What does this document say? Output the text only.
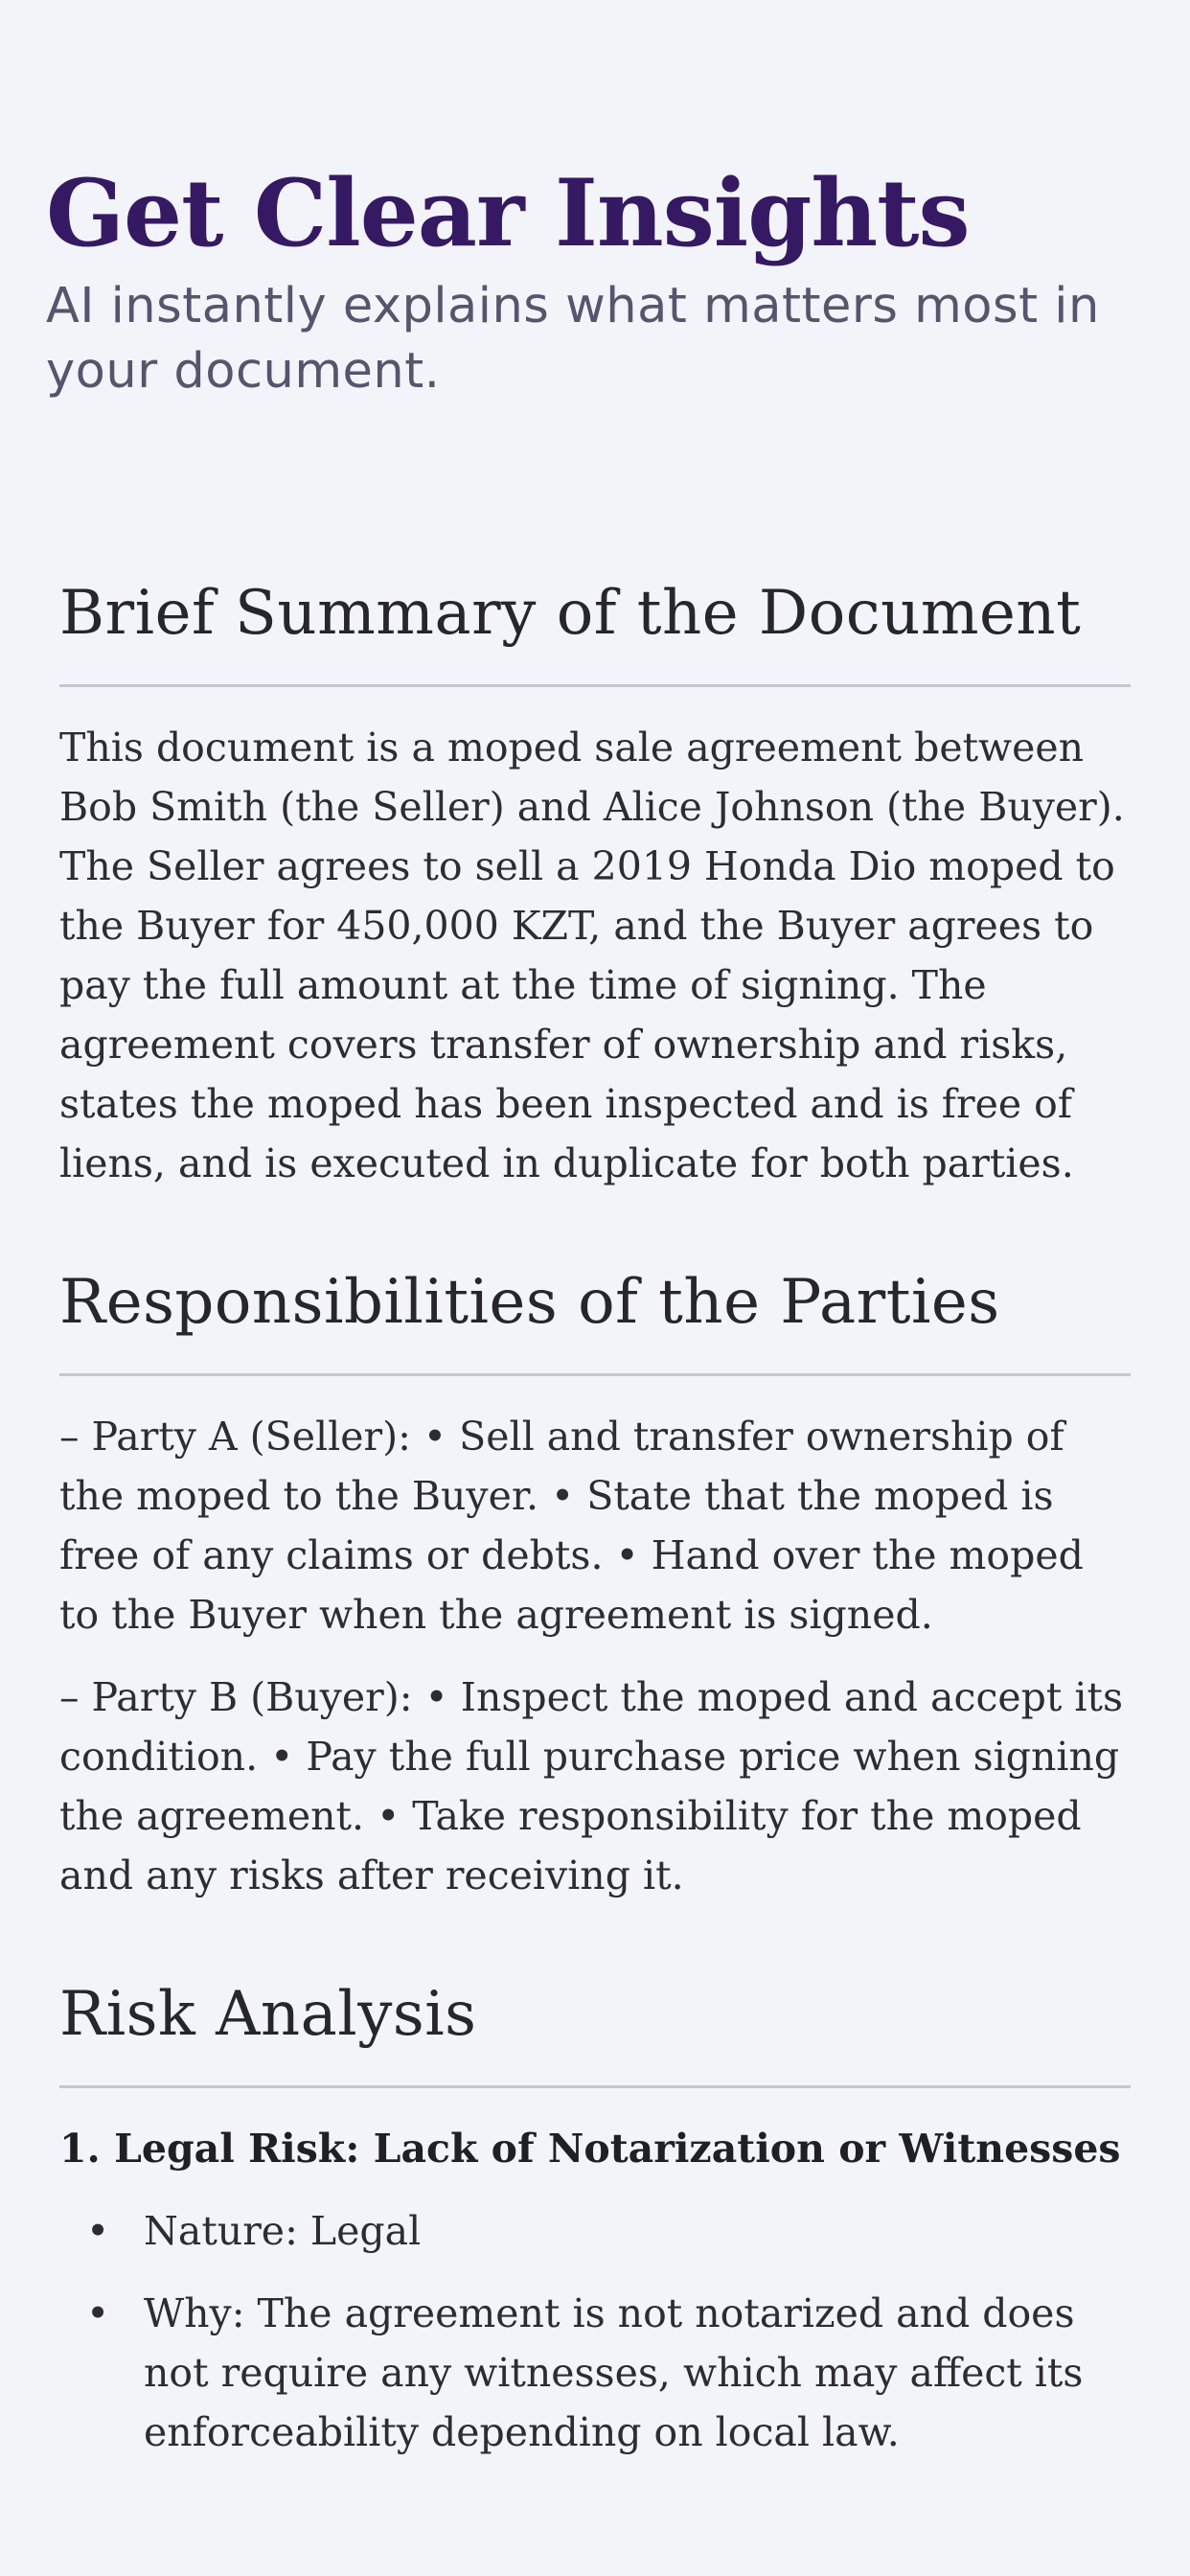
Get Clear Insights

AI instantly explains what matters most in your document.

Brief Summary of the Document

This document is a moped sale agreement between Bob Smith (the Seller) and Alice Johnson (the Buyer). The Seller agrees to sell a 2019 Honda Dio moped to the Buyer for 450,000 KZT, and the Buyer agrees to pay the full amount at the time of signing. The agreement covers transfer of ownership and risks, states the moped has been inspected and is free of liens, and is executed in duplicate for both parties.

Responsibilities of the Parties

– Party A (Seller): • Sell and transfer ownership of the moped to the Buyer. • State that the moped is free of any claims or debts. • Hand over the moped to the Buyer when the agreement is signed.

– Party B (Buyer): • Inspect the moped and accept its condition. • Pay the full purchase price when signing the agreement. • Take responsibility for the moped and any risks after receiving it.

Risk Analysis
1. Legal Risk: Lack of Notarization or Witnesses
• Nature: Legal
• Why: The agreement is not notarized and does not require any witnesses, which may affect its enforceability depending on local law.
